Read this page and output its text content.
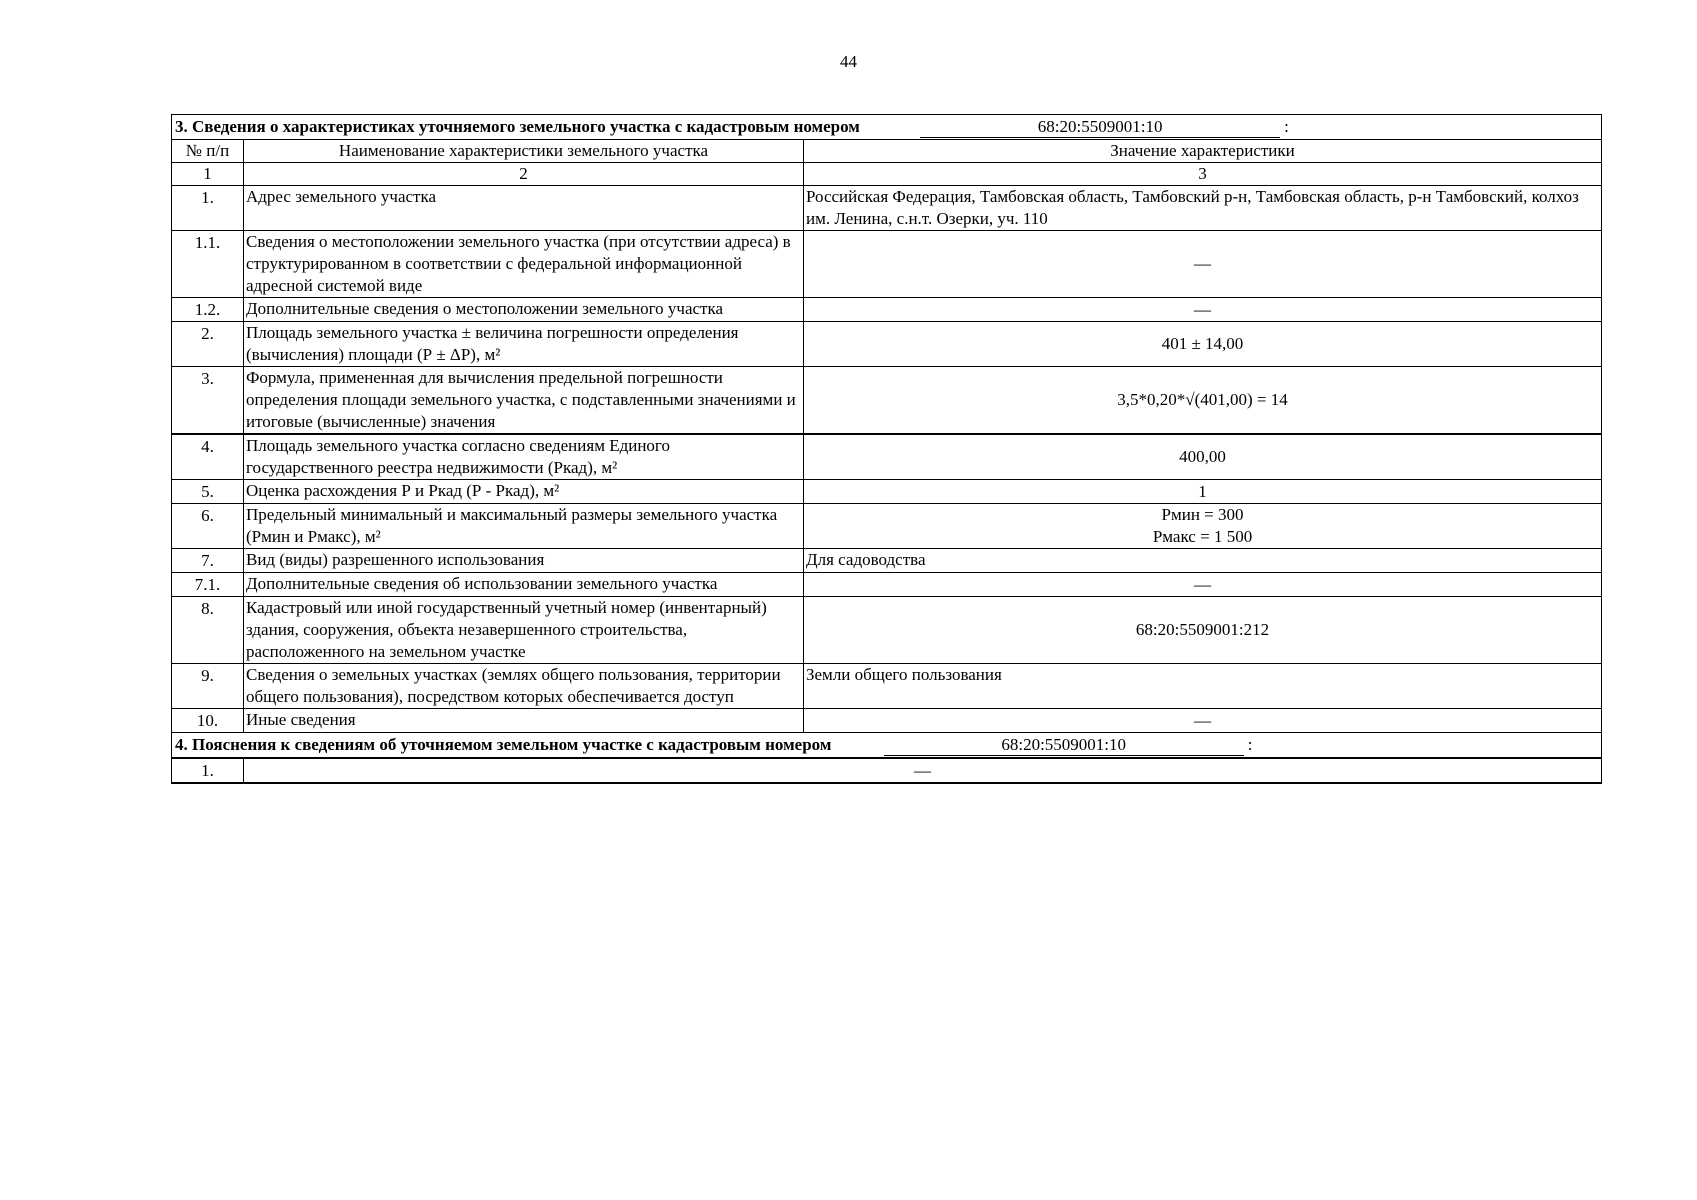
44
3. Сведения о характеристиках уточняемого земельного участка с кадастровым номером 68:20:5509001:10 :		
№ п/п	Наименование характеристики земельного участка	Значение характеристики
1	2	3
1.	Адрес земельного участка	Российская Федерация, Тамбовская область, Тамбовский р-н, Тамбовская область, р-н Тамбовский, колхоз им. Ленина, с.н.т. Озерки, уч. 110
1.1.	Сведения о местоположении земельного участка (при отсутствии адреса) в структурированном в соответствии с федеральной информационной адресной системой виде	—
1.2.	Дополнительные сведения о местоположении земельного участка	—
2.	Площадь земельного участка ± величина погрешности определения (вычисления) площади (Р ± ΔР), м²	401 ± 14,00
3.	Формула, примененная для вычисления предельной погрешности определения площади земельного участка, с подставленными значениями и итоговые (вычисленные) значения	3,5*0,20*√(401,00) = 14
4.	Площадь земельного участка согласно сведениям Единого государственного реестра недвижимости (Ркад), м²	400,00
5.	Оценка расхождения Р и Ркад (Р - Ркад), м²	1
6.	Предельный минимальный и максимальный размеры земельного участка (Рмин и Рмакс), м²	Рмин = 300
Рмакс = 1 500

7.	Вид (виды) разрешенного использования	Для садоводства
7.1.	Дополнительные сведения об использовании земельного участка	—
8.	Кадастровый или иной государственный учетный номер (инвентарный) здания, сооружения, объекта незавершенного строительства, расположенного на земельном участке	68:20:5509001:212
9.	Сведения о земельных участках (землях общего пользования, территории общего пользования), посредством которых обеспечивается доступ	Земли общего пользования
10.	Иные сведения	—
4. Пояснения к сведениям об уточняемом земельном участке с кадастровым номером 68:20:5509001:10 :		
1.	—	
